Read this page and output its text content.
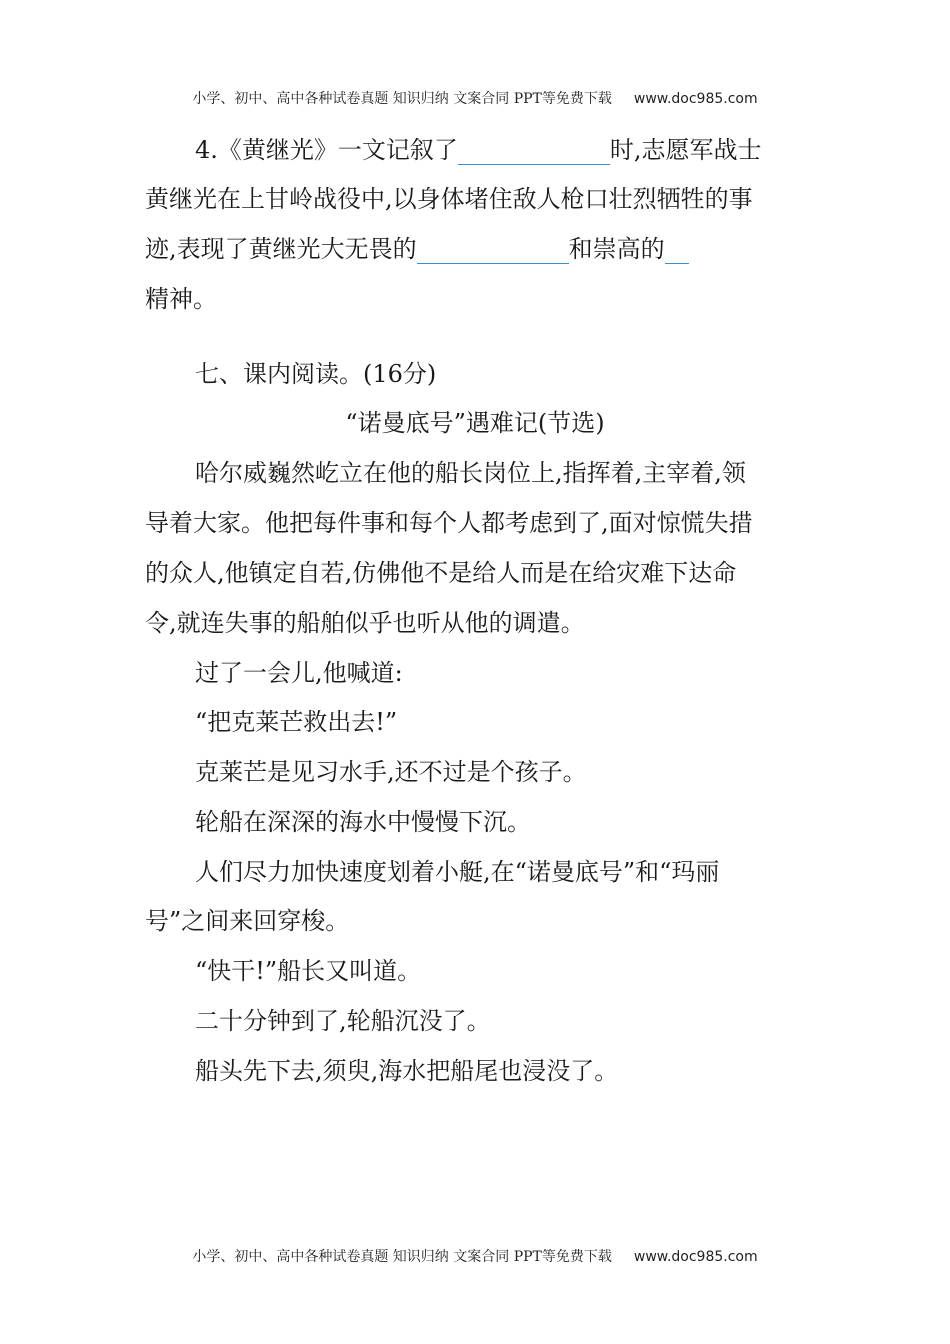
小学、初中、高中各种试卷真题 知识归纳 文案合同 PPT等免费下载 www.doc985.com
4.《黄继光》一文记叙了	时,志愿军战士
黄继光在上甘岭战役中,以身体堵住敌人枪口壮烈牺牲的事
迹,表现了黄继光大无畏的	和崇高的
精神。
七、课内阅读。(16分)
“诺曼底号”遇难记(节选)
哈尔威巍然屹立在他的船长岗位上,指挥着,主宰着,领
导着大家。他把每件事和每个人都考虑到了,面对惊慌失措
的众人,他镇定自若,仿佛他不是给人而是在给灾难下达命
令,就连失事的船舶似乎也听从他的调遣。
过了一会儿,他喊道:
“把克莱芒救出去!”
克莱芒是见习水手,还不过是个孩子。
轮船在深深的海水中慢慢下沉。
人们尽力加快速度划着小艇,在“诺曼底号”和“玛丽
号”之间来回穿梭。
“快干!”船长又叫道。
二十分钟到了,轮船沉没了。
船头先下去,须臾,海水把船尾也浸没了。
小学、初中、高中各种试卷真题 知识归纳 文案合同 PPT等免费下载 www.doc985.com
